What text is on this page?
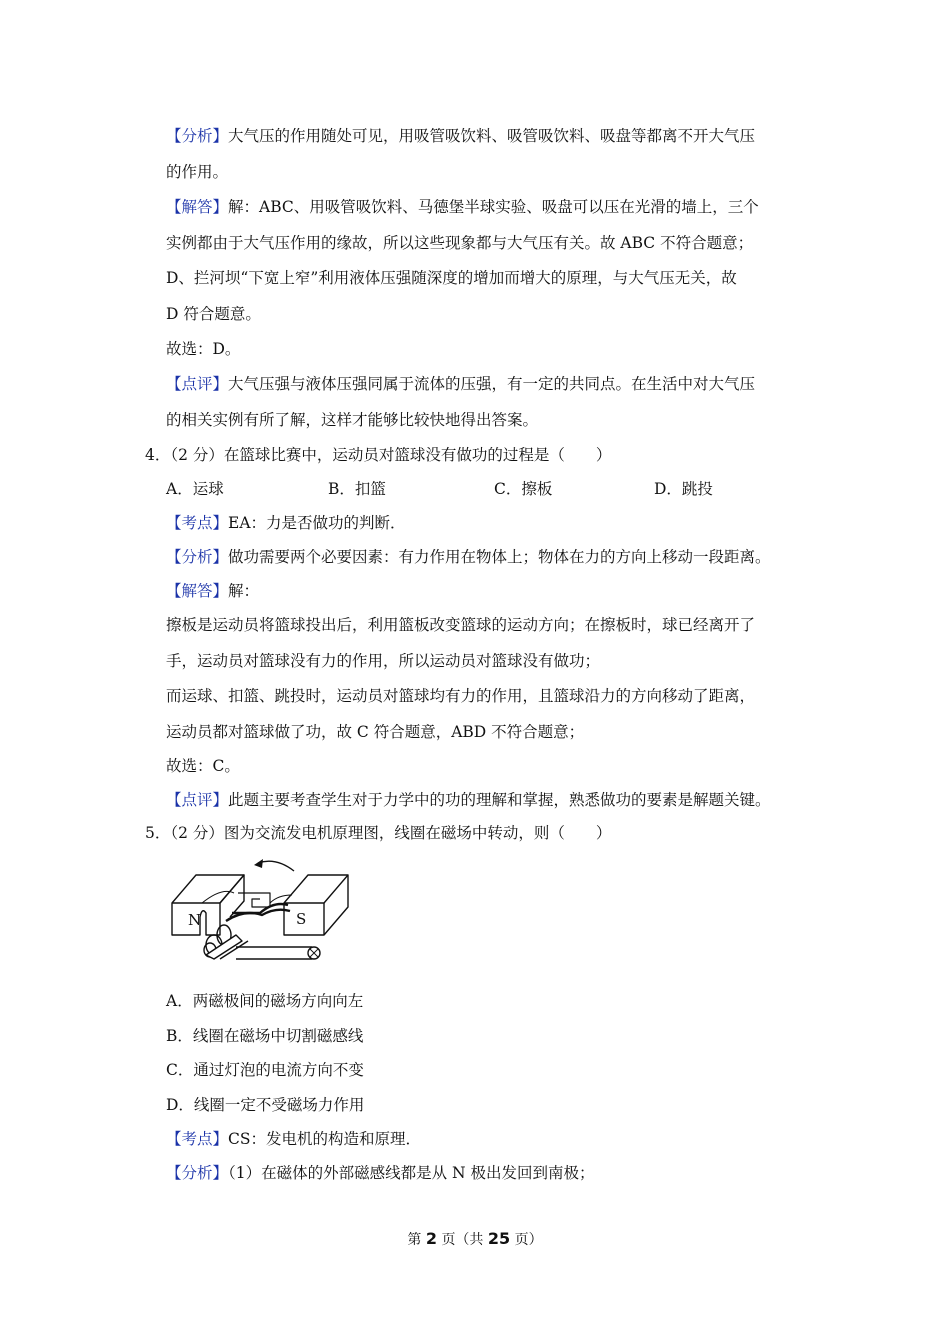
【分析】大气压的作用随处可见，用吸管吸饮料、吸管吸饮料、吸盘等都离不开大气压
的作用。
【解答】解：ABC、用吸管吸饮料、马德堡半球实验、吸盘可以压在光滑的墙上，三个
实例都由于大气压作用的缘故，所以这些现象都与大气压有关。故 ABC 不符合题意；
D、拦河坝“下宽上窄”利用液体压强随深度的增加而增大的原理，与大气压无关，故
D 符合题意。
故选：D。
【点评】大气压强与液体压强同属于流体的压强，有一定的共同点。在生活中对大气压
的相关实例有所了解，这样才能够比较快地得出答案。
4．（2 分）在篮球比赛中，运动员对篮球没有做功的过程是（　　）
A．运球	B．扣篮	C．擦板	D．跳投
【考点】EA：力是否做功的判断．
【分析】做功需要两个必要因素：有力作用在物体上；物体在力的方向上移动一段距离。
【解答】解：
擦板是运动员将篮球投出后，利用篮板改变篮球的运动方向；在擦板时，球已经离开了
手，运动员对篮球没有力的作用，所以运动员对篮球没有做功；
而运球、扣篮、跳投时，运动员对篮球均有力的作用，且篮球沿力的方向移动了距离，
运动员都对篮球做了功，故 C 符合题意，ABD 不符合题意；
故选：C。
【点评】此题主要考查学生对于力学中的功的理解和掌握，熟悉做功的要素是解题关键。
5．（2 分）图为交流发电机原理图，线圈在磁场中转动，则（　　）
N	S
A．两磁极间的磁场方向向左
B．线圈在磁场中切割磁感线
C．通过灯泡的电流方向不变
D．线圈一定不受磁场力作用
【考点】CS：发电机的构造和原理．
【分析】（1）在磁体的外部磁感线都是从 N 极出发回到南极；
第 2 页（共 25 页）
